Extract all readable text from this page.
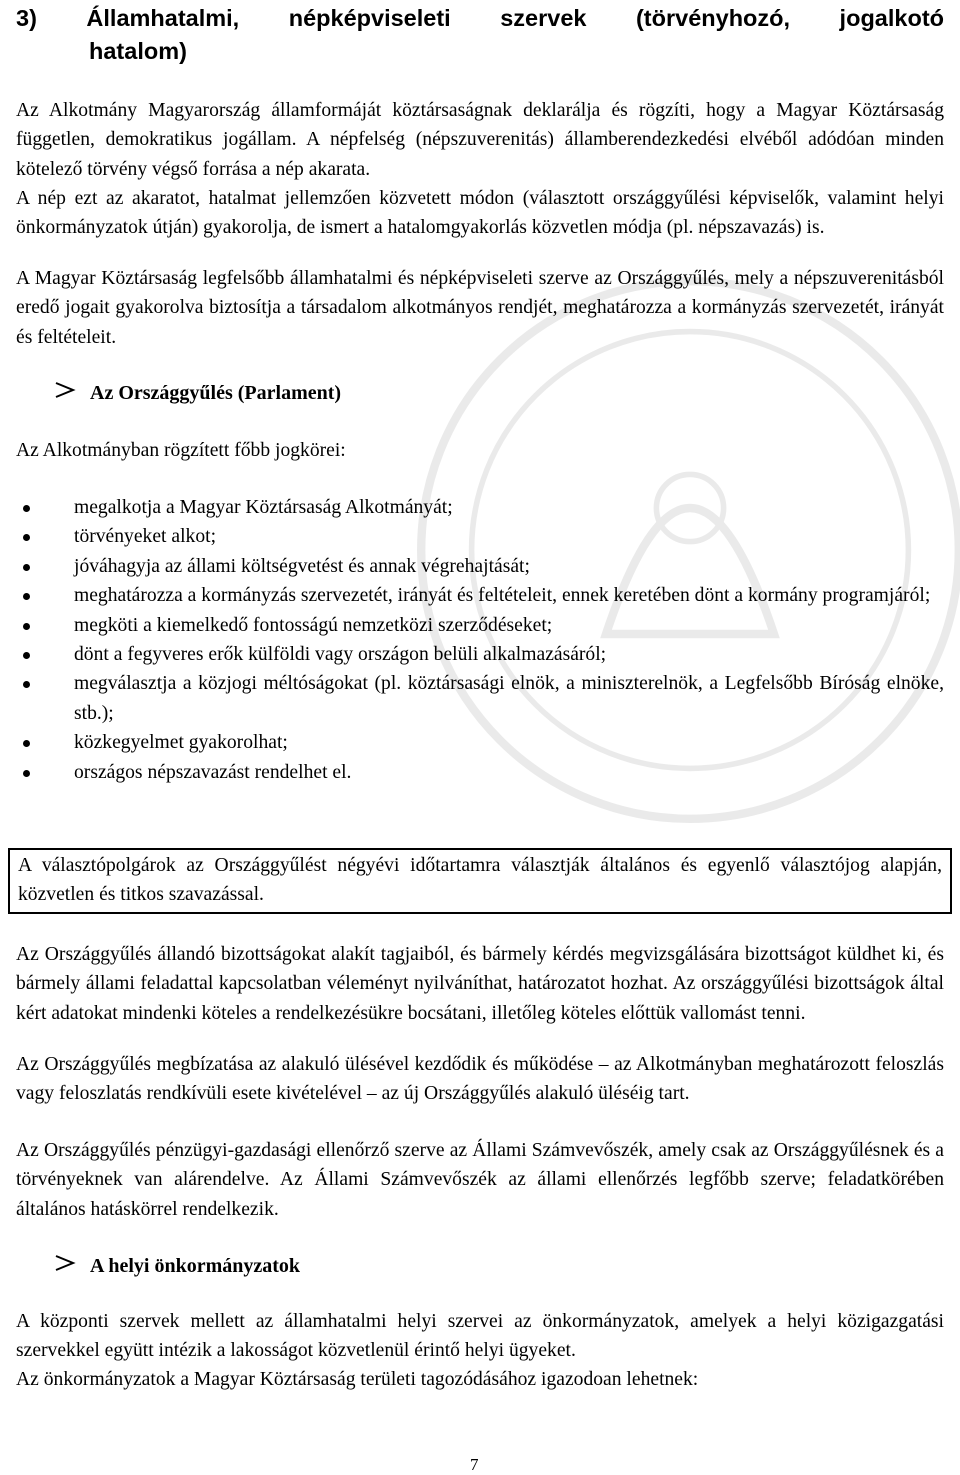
3) Államhatalmi, népképviseleti szervek (törvényhozó, jogalkotó
hatalom)
Az Alkotmány Magyarország államformáját köztársaságnak deklarálja és rögzíti, hogy a Magyar Köztársaság független, demokratikus jogállam. A népfelség (népszuverenitás) államberendezkedési elvéből adódóan minden kötelező törvény végső forrása a nép akarata.
A nép ezt az akaratot, hatalmat jellemzően közvetett módon (választott országgyűlési képviselők, valamint helyi önkormányzatok útján) gyakorolja, de ismert a hatalomgyakorlás közvetlen módja (pl. népszavazás) is.
A Magyar Köztársaság legfelsőbb államhatalmi és népképviseleti szerve az Országgyűlés, mely a népszuverenitásból eredő jogait gyakorolva biztosítja a társadalom alkotmányos rendjét, meghatározza a kormányzás szervezetét, irányát és feltételeit.
Az Országgyűlés (Parlament)
Az Alkotmányban rögzített főbb jogkörei:
megalkotja a Magyar Köztársaság Alkotmányát;
törvényeket alkot;
jóváhagyja az állami költségvetést és annak végrehajtását;
meghatározza a kormányzás szervezetét, irányát és feltételeit, ennek keretében dönt a kormány programjáról;
megköti a kiemelkedő fontosságú nemzetközi szerződéseket;
dönt a fegyveres erők külföldi vagy országon belüli alkalmazásáról;
megválasztja a közjogi méltóságokat (pl. köztársasági elnök, a miniszterelnök, a Legfelsőbb Bíróság elnöke, stb.);
közkegyelmet gyakorolhat;
országos népszavazást rendelhet el.
A választópolgárok az Országgyűlést négyévi időtartamra választják általános és egyenlő választójog alapján, közvetlen és titkos szavazással.
Az Országgyűlés állandó bizottságokat alakít tagjaiból, és bármely kérdés megvizsgálására bizottságot küldhet ki, és bármely állami feladattal kapcsolatban véleményt nyilváníthat, határozatot hozhat. Az országgyűlési bizottságok által kért adatokat mindenki köteles a rendelkezésükre bocsátani, illetőleg köteles előttük vallomást tenni.
Az Országgyűlés megbízatása az alakuló ülésével kezdődik és működése – az Alkotmányban meghatározott feloszlás vagy feloszlatás rendkívüli esete kivételével – az új Országgyűlés alakuló üléséig tart.
Az Országgyűlés pénzügyi-gazdasági ellenőrző szerve az Állami Számvevőszék, amely csak az Országgyűlésnek és a törvényeknek van alárendelve. Az Állami Számvevőszék az állami ellenőrzés legfőbb szerve; feladatkörében általános hatáskörrel rendelkezik.
A helyi önkormányzatok
A központi szervek mellett az államhatalmi helyi szervei az önkormányzatok, amelyek a helyi közigazgatási szervekkel együtt intézik a lakosságot közvetlenül érintő helyi ügyeket.
Az önkormányzatok a Magyar Köztársaság területi tagozódásához igazodoan lehetnek:
7
